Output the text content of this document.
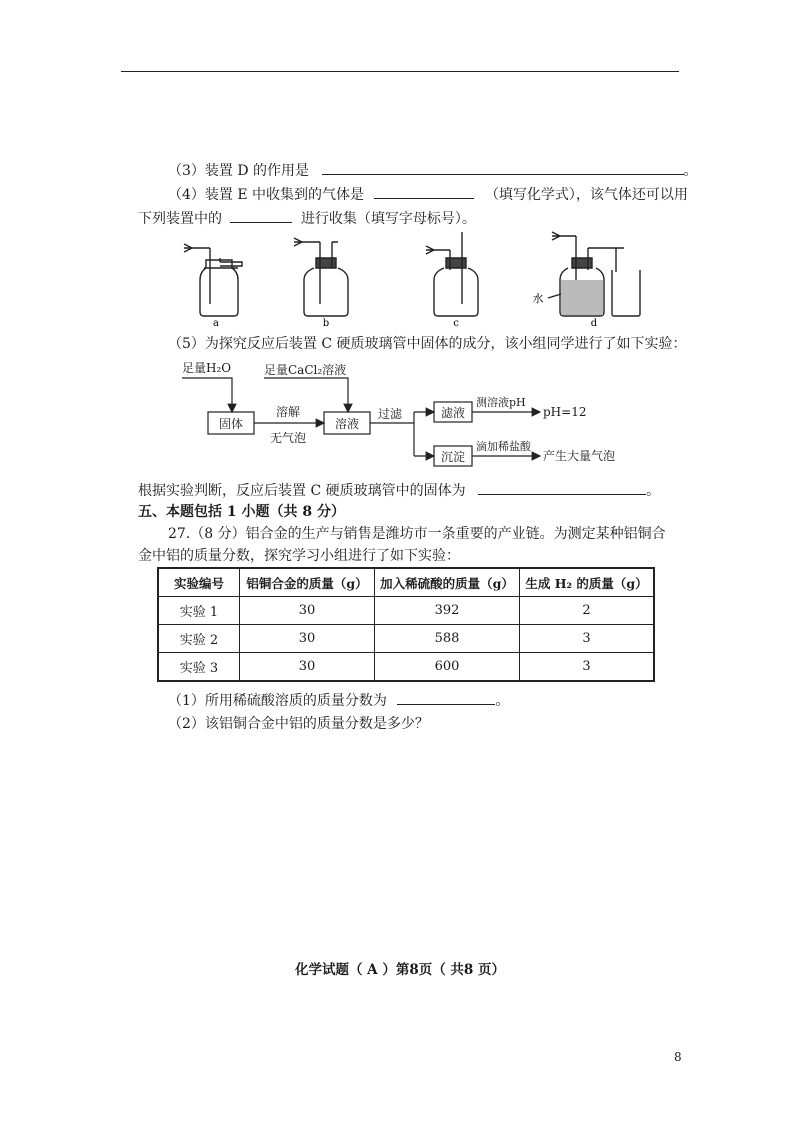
（3）装置 D 的作用是	。
（4）装置 E 中收集到的气体是	（填写化学式），该气体还可以用
下列装置中的	进行收集（填写字母标号）。
a	b	c	d
水
（5）为探究反应后装置 C 硬质玻璃管中固体的成分，该小组同学进行了如下实验：
足量H₂O	足量CaCl₂溶液
固体
溶解
无气泡
溶液
过滤	滤液
沉淀
测溶液pH
pH=12
滴加稀盐酸
产生大量气泡
根据实验判断，反应后装置 C 硬质玻璃管中的固体为	。
五、本题包括 1 小题（共 8 分）
27.（8 分）铝合金的生产与销售是潍坊市一条重要的产业链。为测定某种铝铜合
金中铝的质量分数，探究学习小组进行了如下实验：
实验编号	铝铜合金的质量（g）	加入稀硫酸的质量（g）	生成 H₂ 的质量（g）
实验 1	30	392	2
实验 2	30	588	3
实验 3	30	600	3
（1）所用稀硫酸溶质的质量分数为	。
（2）该铝铜合金中铝的质量分数是多少？
化学试题（ A ）第8页（ 共8 页）
8
